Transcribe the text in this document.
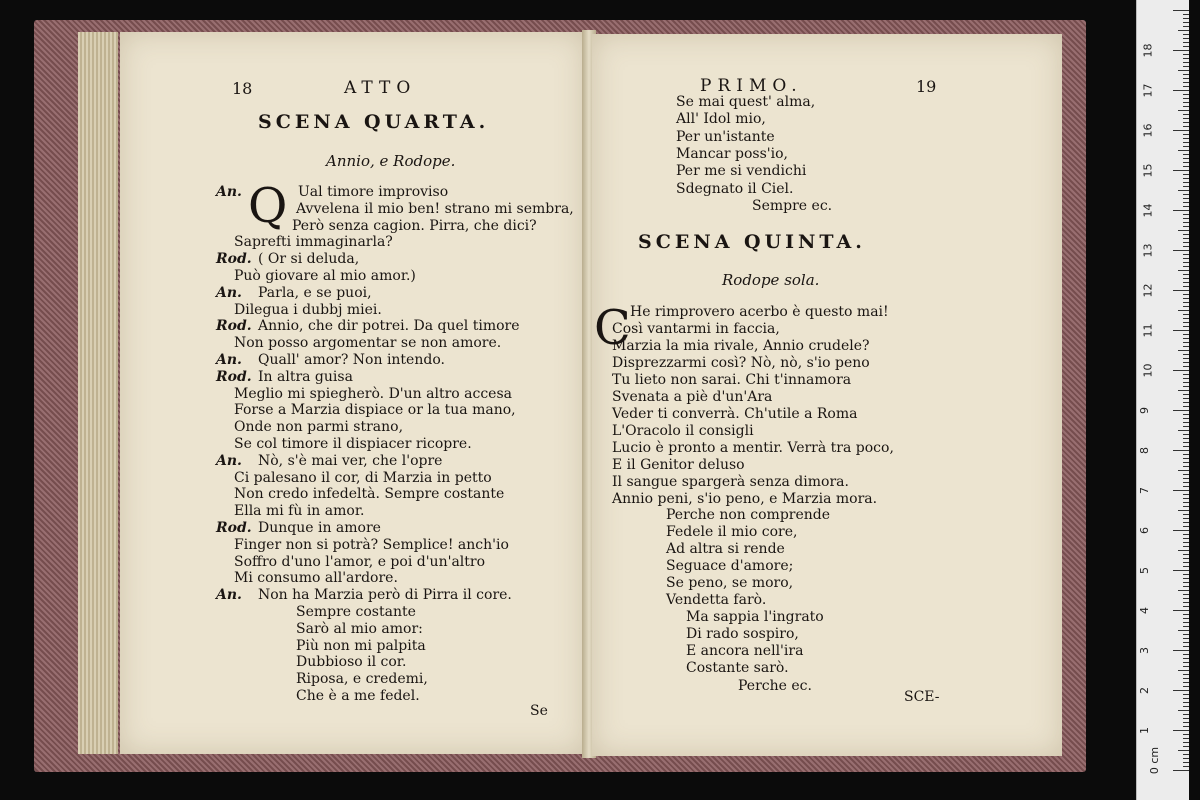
18	ATTO
SCENA QUARTA.
Annio, e Rodope.
Q
An.	Ual timore improviso
Avvelena il mio ben! strano mi sembra,
Però senza cagion. Pirra, che dici?
Saprefti immaginarla?
Rod. ( Or si deluda,
Può giovare al mio amor.)
An. Parla, e se puoi,
Dilegua i dubbj miei.
Rod. Annio, che dir potrei. Da quel timore
Non posso argomentar se non amore.
An. Quall' amor? Non intendo.
Rod. In altra guisa
Meglio mi spiegherò. D'un altro accesa
Forse a Marzia dispiace or la tua mano,
Onde non parmi strano,
Se col timore il dispiacer ricopre.
An. Nò, s'è mai ver, che l'opre
Ci palesano il cor, di Marzia in petto
Non credo infedeltà. Sempre costante
Ella mi fù in amor.
Rod. Dunque in amore
Finger non si potrà? Semplice! anch'io
Soffro d'uno l'amor, e poi d'un'altro
Mi consumo all'ardore.
An. Non ha Marzia però di Pirra il core.
Sempre costante
Sarò al mio amor:
Più non mi palpita
Dubbioso il cor.
Riposa, e credemi,
Che è a me fedel.
Se
PRIMO.	19
Se mai quest' alma,
All' Idol mio,
Per un'istante
Mancar poss'io,
Per me si vendichi
Sdegnato il Ciel.
Sempre ec.
SCENA QUINTA.
Rodope sola.
C He rimprovero acerbo è questo mai!
Così vantarmi in faccia,
Marzia la mia rivale, Annio crudele?
Disprezzarmi così? Nò, nò, s'io peno
Tu lieto non sarai. Chi t'innamora
Svenata a piè d'un'Ara
Veder ti converrà. Ch'utile a Roma
L'Oracolo il consigli
Lucio è pronto a mentir. Verrà tra poco,
E il Genitor deluso
Il sangue spargerà senza dimora.
Annio peni, s'io peno, e Marzia mora.
Perche non comprende
Fedele il mio core,
Ad altra si rende
Seguace d'amore;
Se peno, se moro,
Vendetta farò.
Ma sappia l'ingrato
Di rado sospiro,
E ancora nell'ira
Costante sarò.
Perche ec.
SCE-
18
17
16
15
14
13
12
11
10
9
8
7
6
5
4
3
2
1
0 cm
